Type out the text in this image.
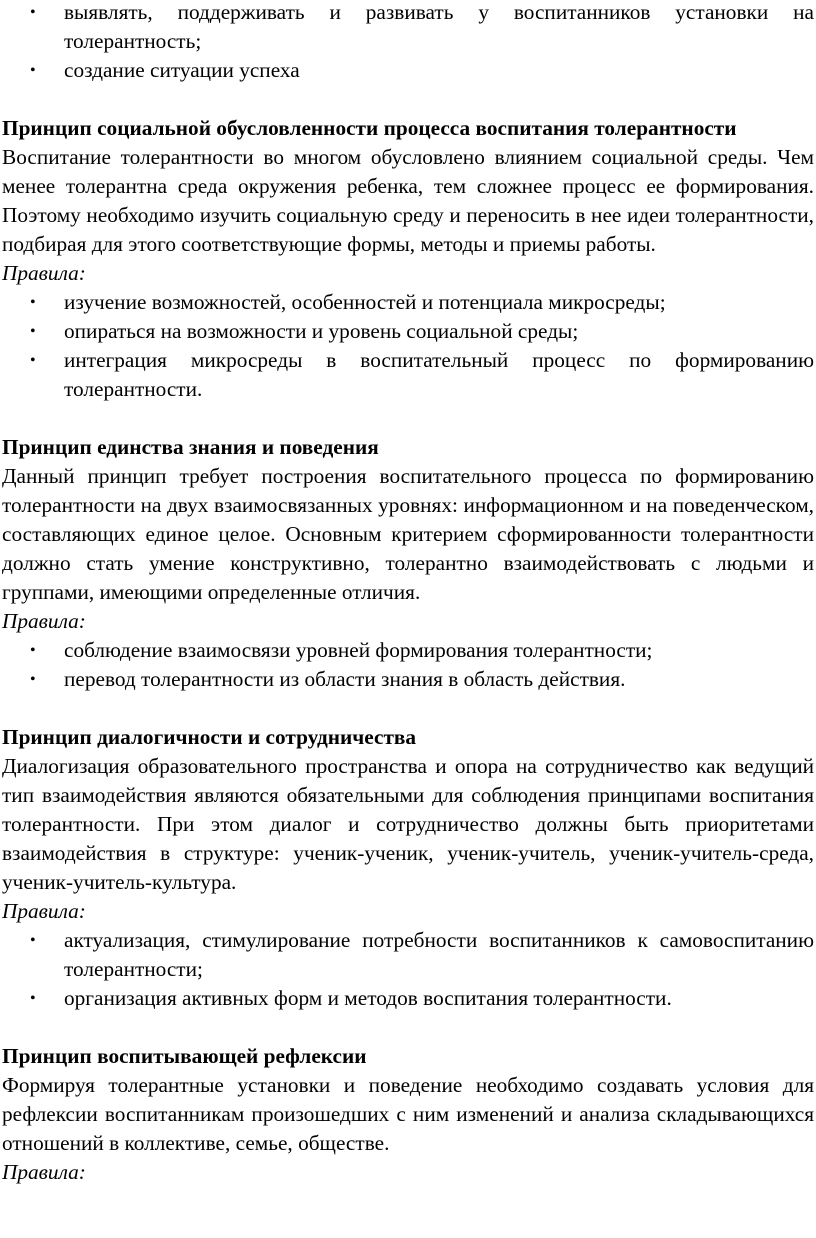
• выявлять, поддерживать и развивать у воспитанников установки на толерантность;
• создание ситуации успеха
Принцип социальной обусловленности процесса воспитания толерантности

Воспитание толерантности во многом обусловлено влиянием социальной среды. Чем менее толерантна среда окружения ребенка, тем сложнее процесс ее формирования. Поэтому необходимо изучить социальную среду и переносить в нее идеи толерантности, подбирая для этого соответствующие формы, методы и приемы работы.

Правила:

• изучение возможностей, особенностей и потенциала микросреды;
• опираться на возможности и уровень социальной среды;
• интеграция микросреды в воспитательный процесс по формированию толерантности.
Принцип единства знания и поведения

Данный принцип требует построения воспитательного процесса по формированию толерантности на двух взаимосвязанных уровнях: информационном и на поведенческом, составляющих единое целое. Основным критерием сформированности толерантности должно стать умение конструктивно, толерантно взаимодействовать с людьми и группами, имеющими определенные отличия.

Правила:

• соблюдение взаимосвязи уровней формирования толерантности;
• перевод толерантности из области знания в область действия.
Принцип диалогичности и сотрудничества

Диалогизация образовательного пространства и опора на сотрудничество как ведущий тип взаимодействия являются обязательными для соблюдения принципами воспитания толерантности. При этом диалог и сотрудничество должны быть приоритетами взаимодействия в структуре: ученик-ученик, ученик-учитель, ученик-учитель-среда, ученик-учитель-культура.

Правила:

• актуализация, стимулирование потребности воспитанников к самовоспитанию толерантности;
• организация активных форм и методов воспитания толерантности.
Принцип воспитывающей рефлексии

Формируя толерантные установки и поведение необходимо создавать условия для рефлексии воспитанникам произошедших с ним изменений и анализа складывающихся отношений в коллективе, семье, обществе.

Правила:
